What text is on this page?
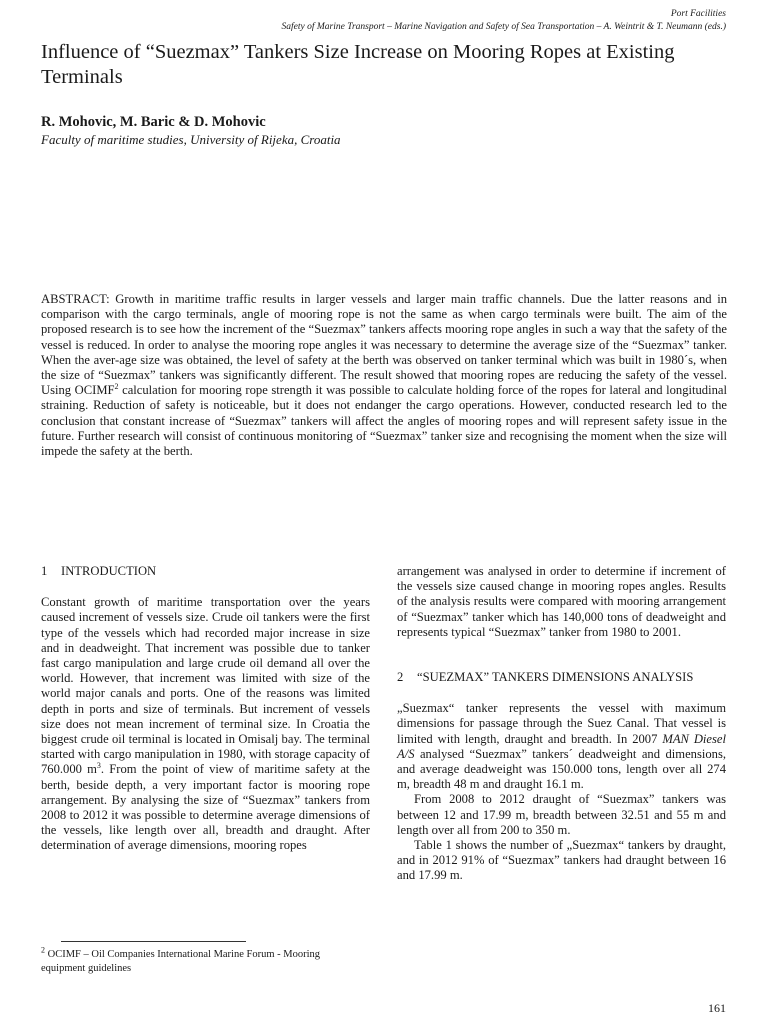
Port Facilities
Safety of Marine Transport – Marine Navigation and Safety of Sea Transportation – A. Weintrit & T. Neumann (eds.)
Influence of “Suezmax” Tankers Size Increase on Mooring Ropes at Existing Terminals
R. Mohovic, M. Baric & D. Mohovic
Faculty of maritime studies, University of Rijeka, Croatia

ABSTRACT: Growth in maritime traffic results in larger vessels and larger main traffic channels. Due the latter reasons and in comparison with the cargo terminals, angle of mooring rope is not the same as when cargo terminals were built. The aim of the proposed research is to see how the increment of the “Suezmax” tankers affects mooring rope angles in such a way that the safety of the vessel is reduced. In order to analyse the mooring rope angles it was necessary to determine the average size of the “Suezmax” tanker. When the aver-age size was obtained, the level of safety at the berth was observed on tanker terminal which was built in 1980´s, when the size of “Suezmax” tankers was significantly different. The result showed that mooring ropes are reducing the safety of the vessel. Using OCIMF$^2$ calculation for mooring rope strength it was possible to calculate holding force of the ropes for lateral and longitudinal straining. Reduction of safety is noticeable, but it does not endanger the cargo operations. However, conducted research led to the conclusion that constant increase of “Suezmax” tankers will affect the angles of mooring ropes and will represent safety issue in the future. Further research will consist of continuous monitoring of “Suezmax” tanker size and recognising the moment when the size will impede the safety at the berth.

1	INTRODUCTION

Constant growth of maritime transportation over the years caused increment of vessels size. Crude oil tankers were the first type of the vessels which had recorded major increase in size and in deadweight. That increment was possible due to tanker fast cargo manipulation and large crude oil demand all over the world. However, that increment was limited with size of the world major canals and ports. One of the reasons was limited depth in ports and size of terminals. But increment of vessels size does not mean increment of terminal size. In Croatia the biggest crude oil terminal is located in Omisalj bay. The terminal started with cargo manipulation in 1980, with storage capacity of 760.000 $m^3$. From the point of view of maritime safety at the berth, beside depth, a very important factor is mooring rope arrangement. By analysing the size of “Suezmax” tankers from 2008 to 2012 it was possible to determine average dimensions of the vessels, like length over all, breadth and draught. After determination of average dimensions, mooring ropes

arrangement was analysed in order to determine if increment of the vessels size caused change in mooring ropes angles. Results of the analysis results were compared with mooring arrangement of “Suezmax” tanker which has 140,000 tons of deadweight and represents typical “Suezmax” tanker from 1980 to 2001.

2	“SUEZMAX” TANKERS DIMENSIONS ANALYSIS

„Suezmax“ tanker represents the vessel with maximum dimensions for passage through the Suez Canal. That vessel is limited with length, draught and breadth. In 2007 MAN Diesel A/S analysed “Suezmax” tankers´ deadweight and dimensions, and average deadweight was 150.000 tons, length over all 274 m, breadth 48 m and draught 16.1 m.

From 2008 to 2012 draught of “Suezmax” tankers was between 12 and 17.99 m, breadth between 32.51 and 55 m and length over all from 200 to 350 m.

Table 1 shows the number of „Suezmax“ tankers by draught, and in 2012 91% of “Suezmax” tankers had draught between 16 and 17.99 m.

$^2$ OCIMF – Oil Companies International Marine Forum - Mooring equipment guidelines
161
